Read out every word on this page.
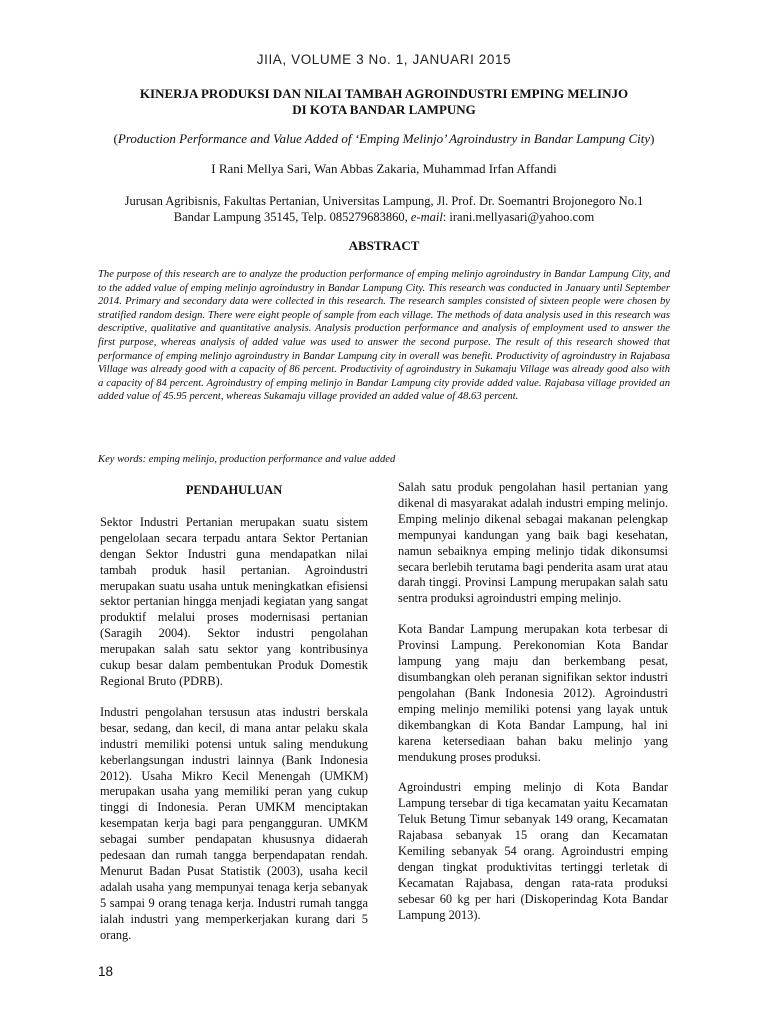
JIIA, VOLUME 3 No. 1, JANUARI 2015
KINERJA PRODUKSI DAN NILAI TAMBAH AGROINDUSTRI EMPING MELINJO
DI KOTA BANDAR LAMPUNG
(Production Performance and Value Added of ‘Emping Melinjo’ Agroindustry in Bandar Lampung City)
I Rani Mellya Sari, Wan Abbas Zakaria, Muhammad Irfan Affandi
Jurusan Agribisnis, Fakultas Pertanian, Universitas Lampung, Jl. Prof. Dr. Soemantri Brojonegoro No.1
Bandar Lampung 35145, Telp. 085279683860, e-mail: irani.mellyasari@yahoo.com
ABSTRACT
The purpose of this research are to analyze the production performance of emping melinjo agroindustry in Bandar Lampung City, and to the added value of emping melinjo agroindustry in Bandar Lampung City. This research was conducted in January until September 2014. Primary and secondary data were collected in this research. The research samples consisted of sixteen people were chosen by stratified random design. There were eight people of sample from each village. The methods of data analysis used in this research was descriptive, qualitative and quantitative analysis. Analysis production performance and analysis of employment used to answer the first purpose, whereas analysis of added value was used to answer the second purpose. The result of this research showed that performance of emping melinjo agroindustry in Bandar Lampung city in overall was benefit. Productivity of agroindustry in Rajabasa Village was already good with a capacity of 86 percent. Productivity of agroindustry in Sukamaju Village was already good also with a capacity of 84 percent. Agroindustry of emping melinjo in Bandar Lampung city provide added value. Rajabasa village provided an added value of 45.95 percent, whereas Sukamaju village provided an added value of 48.63 percent.
Key words: emping melinjo, production performance and value added
PENDAHULUAN

Sektor Industri Pertanian merupakan suatu sistem pengelolaan secara terpadu antara Sektor Pertanian dengan Sektor Industri guna mendapatkan nilai tambah produk hasil pertanian. Agroindustri merupakan suatu usaha untuk meningkatkan efisiensi sektor pertanian hingga menjadi kegiatan yang sangat produktif melalui proses modernisasi pertanian (Saragih 2004). Sektor industri pengolahan merupakan salah satu sektor yang kontribusinya cukup besar dalam pembentukan Produk Domestik Regional Bruto (PDRB).

Industri pengolahan tersusun atas industri berskala besar, sedang, dan kecil, di mana antar pelaku skala industri memiliki potensi untuk saling mendukung keberlangsungan industri lainnya (Bank Indonesia 2012). Usaha Mikro Kecil Menengah (UMKM) merupakan usaha yang memiliki peran yang cukup tinggi di Indonesia. Peran UMKM menciptakan kesempatan kerja bagi para pengangguran. UMKM sebagai sumber pendapatan khususnya didaerah pedesaan dan rumah tangga berpendapatan rendah. Menurut Badan Pusat Statistik (2003), usaha kecil adalah usaha yang mempunyai tenaga kerja sebanyak 5 sampai 9 orang tenaga kerja. Industri rumah tangga ialah industri yang memperkerjakan kurang dari 5 orang.

Salah satu produk pengolahan hasil pertanian yang dikenal di masyarakat adalah industri emping melinjo. Emping melinjo dikenal sebagai makanan pelengkap mempunyai kandungan yang baik bagi kesehatan, namun sebaiknya emping melinjo tidak dikonsumsi secara berlebih terutama bagi penderita asam urat atau darah tinggi. Provinsi Lampung merupakan salah satu sentra produksi agroindustri emping melinjo.

Kota Bandar Lampung merupakan kota terbesar di Provinsi Lampung. Perekonomian Kota Bandar lampung yang maju dan berkembang pesat, disumbangkan oleh peranan signifikan sektor industri pengolahan (Bank Indonesia 2012). Agroindustri emping melinjo memiliki potensi yang layak untuk dikembangkan di Kota Bandar Lampung, hal ini karena ketersediaan bahan baku melinjo yang mendukung proses produksi.

Agroindustri emping melinjo di Kota Bandar Lampung tersebar di tiga kecamatan yaitu Kecamatan Teluk Betung Timur sebanyak 149 orang, Kecamatan Rajabasa sebanyak 15 orang dan Kecamatan Kemiling sebanyak 54 orang. Agroindustri emping dengan tingkat produktivitas tertinggi terletak di Kecamatan Rajabasa, dengan rata-rata produksi sebesar 60 kg per hari (Diskoperindag Kota Bandar Lampung 2013).

18
